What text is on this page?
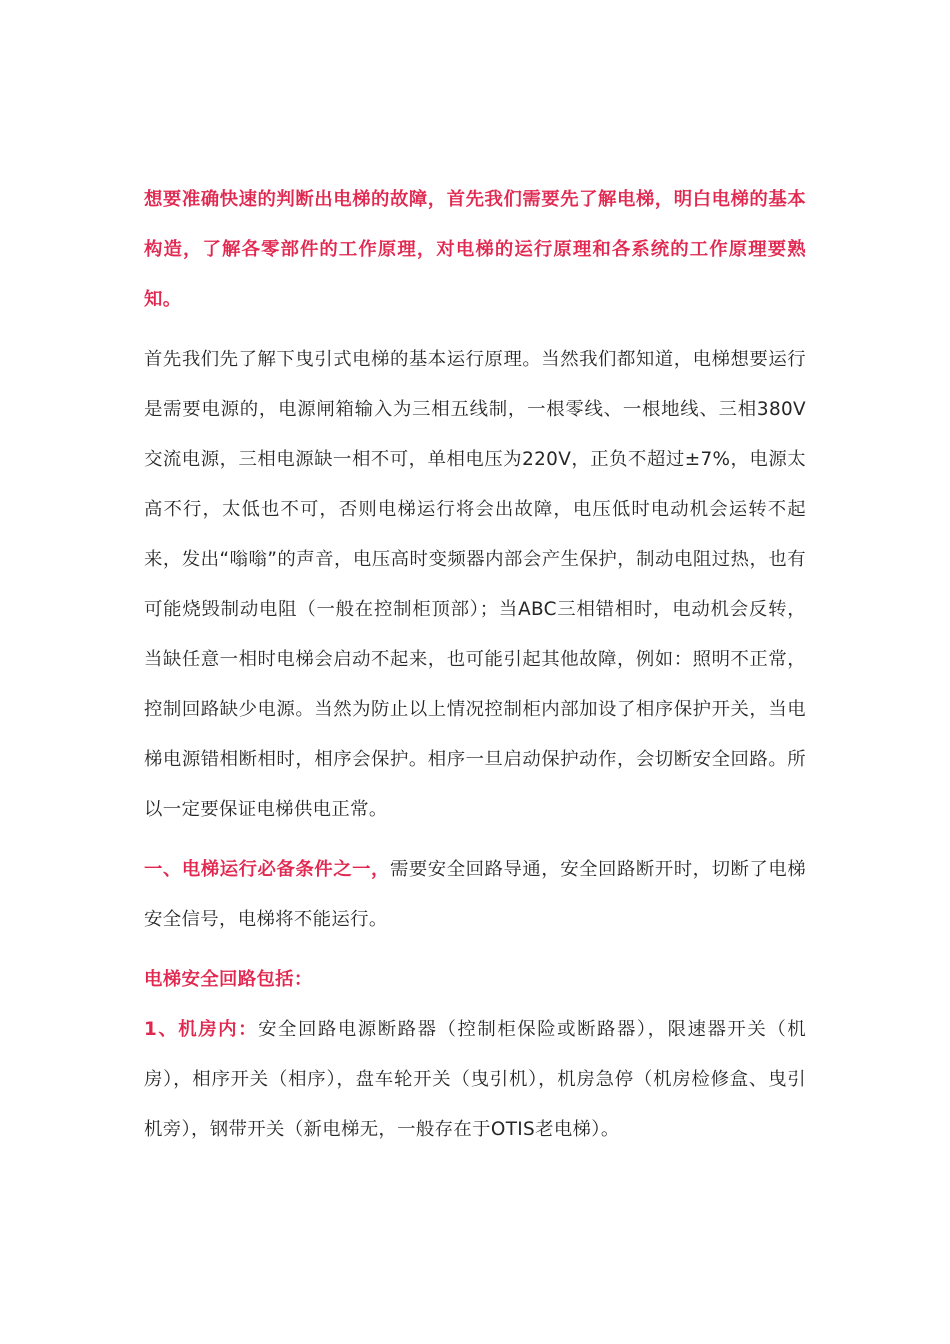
想要准确快速的判断出电梯的故障，首先我们需要先了解电梯，明白电梯的基本构造，了解各零部件的工作原理，对电梯的运行原理和各系统的工作原理要熟知。

首先我们先了解下曳引式电梯的基本运行原理。当然我们都知道，电梯想要运行是需要电源的，电源闸箱输入为三相五线制，一根零线、一根地线、三相380V交流电源，三相电源缺一相不可，单相电压为220V，正负不超过±7%，电源太高不行，太低也不可，否则电梯运行将会出故障，电压低时电动机会运转不起来，发出“嗡嗡”的声音，电压高时变频器内部会产生保护，制动电阻过热，也有可能烧毁制动电阻（一般在控制柜顶部）；当ABC三相错相时，电动机会反转，当缺任意一相时电梯会启动不起来，也可能引起其他故障，例如：照明不正常，控制回路缺少电源。当然为防止以上情况控制柜内部加设了相序保护开关，当电梯电源错相断相时，相序会保护。相序一旦启动保护动作，会切断安全回路。所以一定要保证电梯供电正常。

一、电梯运行必备条件之一，需要安全回路导通，安全回路断开时，切断了电梯安全信号，电梯将不能运行。

电梯安全回路包括：

1、机房内：安全回路电源断路器（控制柜保险或断路器），限速器开关（机房），相序开关（相序），盘车轮开关（曳引机），机房急停（机房检修盒、曳引机旁），钢带开关（新电梯无，一般存在于OTIS老电梯）。
